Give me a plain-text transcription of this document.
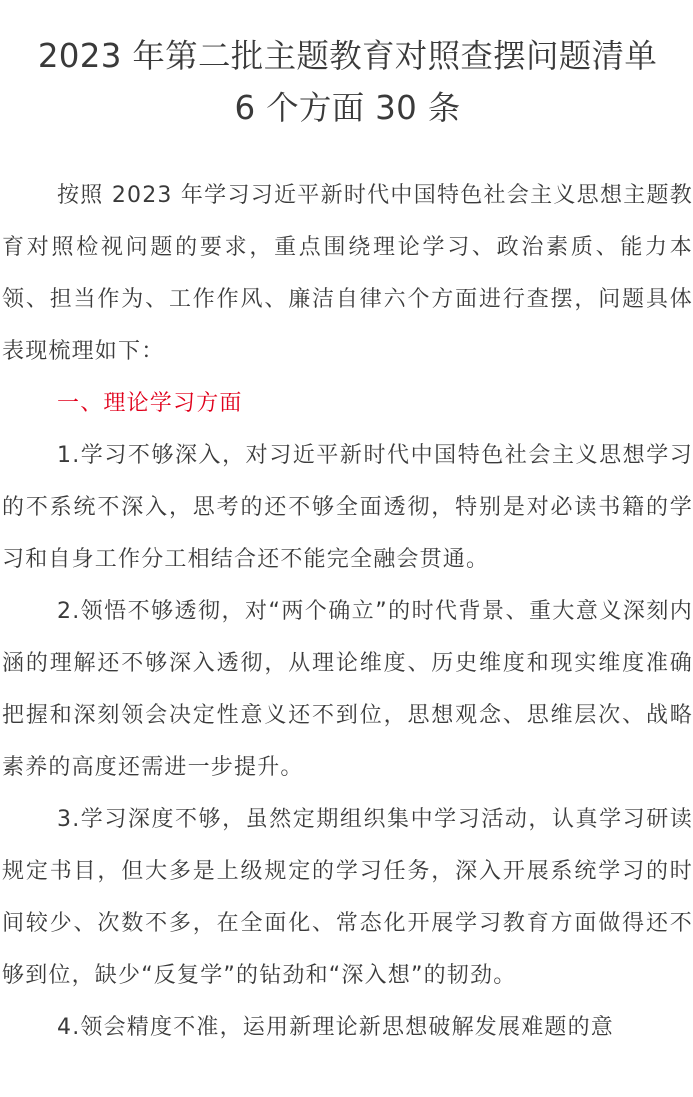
2023 年第二批主题教育对照查摆问题清单
6 个方面 30 条

按照 2023 年学习习近平新时代中国特色社会主义思想主题教育对照检视问题的要求，重点围绕理论学习、政治素质、能力本领、担当作为、工作作风、廉洁自律六个方面进行查摆，问题具体表现梳理如下：

一、理论学习方面

1.学习不够深入，对习近平新时代中国特色社会主义思想学习的不系统不深入，思考的还不够全面透彻，特别是对必读书籍的学习和自身工作分工相结合还不能完全融会贯通。

2.领悟不够透彻，对“两个确立”的时代背景、重大意义深刻内涵的理解还不够深入透彻，从理论维度、历史维度和现实维度准确把握和深刻领会决定性意义还不到位，思想观念、思维层次、战略素养的高度还需进一步提升。

3.学习深度不够，虽然定期组织集中学习活动，认真学习研读规定书目，但大多是上级规定的学习任务，深入开展系统学习的时间较少、次数不多，在全面化、常态化开展学习教育方面做得还不够到位，缺少“反复学”的钻劲和“深入想”的韧劲。

4.领会精度不准，运用新理论新思想破解发展难题的意
